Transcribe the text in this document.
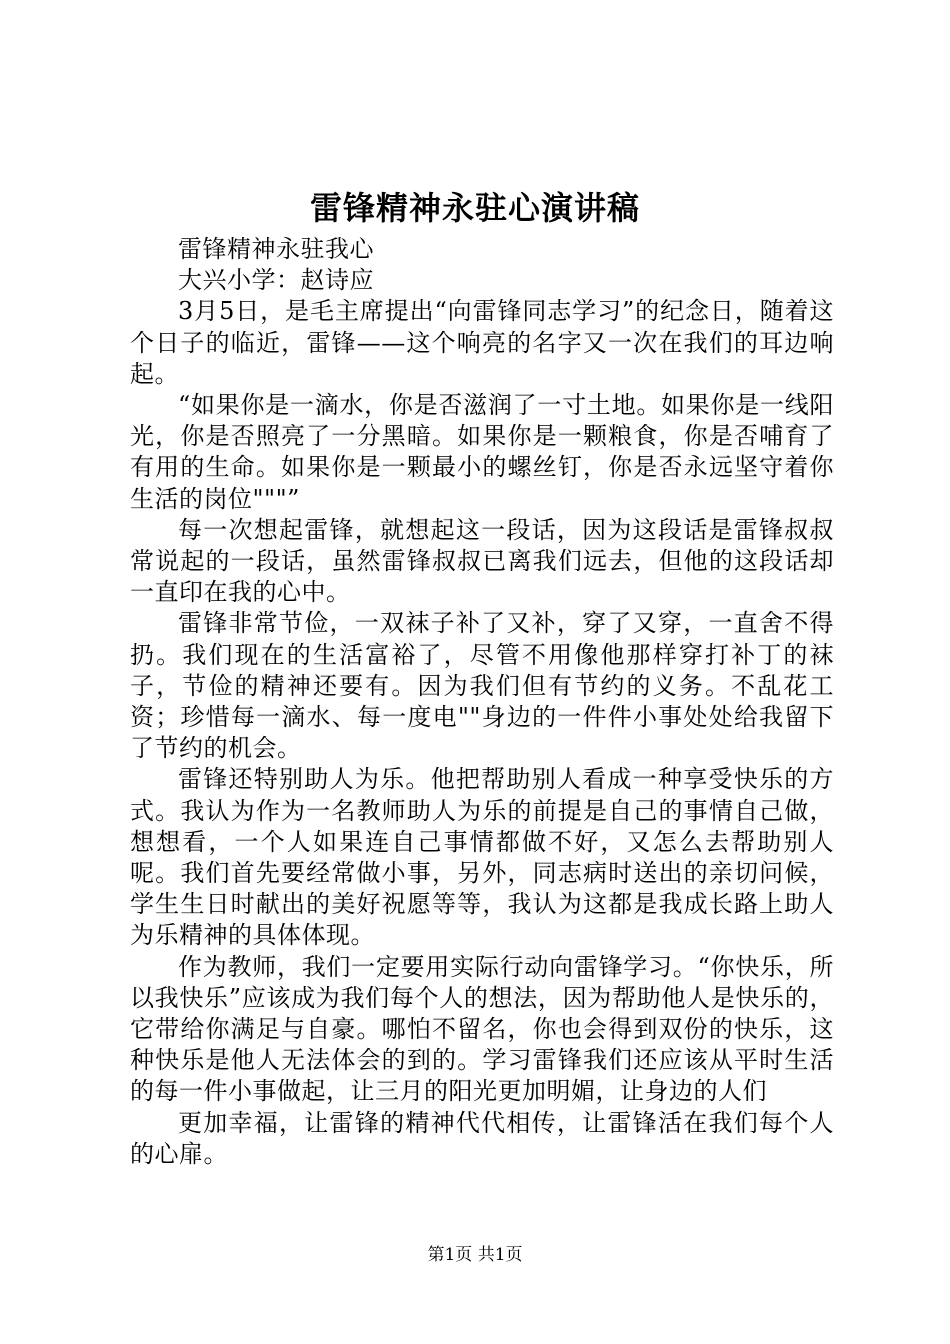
雷锋精神永驻心演讲稿

雷锋精神永驻我心

大兴小学：赵诗应

3月5日，是毛主席提出“向雷锋同志学习”的纪念日，随着这个日子的临近，雷锋——这个响亮的名字又一次在我们的耳边响起。

“如果你是一滴水，你是否滋润了一寸土地。如果你是一线阳光，你是否照亮了一分黑暗。如果你是一颗粮食，你是否哺育了有用的生命。如果你是一颗最小的螺丝钉，你是否永远坚守着你生活的岗位"""”

每一次想起雷锋，就想起这一段话，因为这段话是雷锋叔叔常说起的一段话，虽然雷锋叔叔已离我们远去，但他的这段话却一直印在我的心中。

雷锋非常节俭，一双袜子补了又补，穿了又穿，一直舍不得扔。我们现在的生活富裕了，尽管不用像他那样穿打补丁的袜子，节俭的精神还要有。因为我们但有节约的义务。不乱花工资；珍惜每一滴水、每一度电""身边的一件件小事处处给我留下了节约的机会。

雷锋还特别助人为乐。他把帮助别人看成一种享受快乐的方式。我认为作为一名教师助人为乐的前提是自己的事情自己做，想想看，一个人如果连自己事情都做不好，又怎么去帮助别人呢。我们首先要经常做小事，另外，同志病时送出的亲切问候，学生生日时献出的美好祝愿等等，我认为这都是我成长路上助人为乐精神的具体体现。

作为教师，我们一定要用实际行动向雷锋学习。“你快乐，所以我快乐”应该成为我们每个人的想法，因为帮助他人是快乐的，它带给你满足与自豪。哪怕不留名，你也会得到双份的快乐，这种快乐是他人无法体会的到的。学习雷锋我们还应该从平时生活的每一件小事做起，让三月的阳光更加明媚，让身边的人们

更加幸福，让雷锋的精神代代相传，让雷锋活在我们每个人的心扉。

第1页 共1页
